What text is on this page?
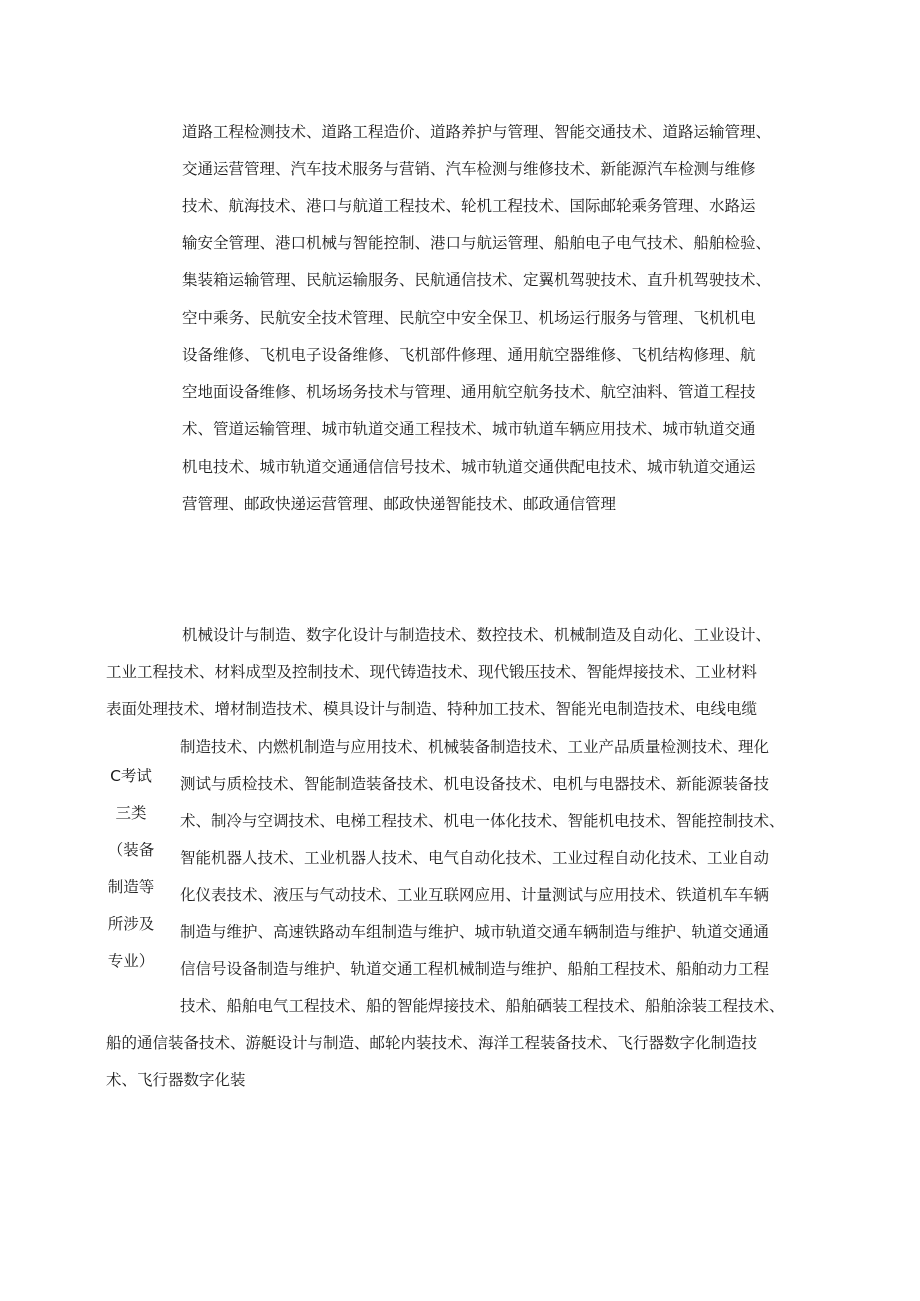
道路工程检测技术、道路工程造价、道路养护与管理、智能交通技术、道路运输管理、
交通运营管理、汽车技术服务与营销、汽车检测与维修技术、新能源汽车检测与维修
技术、航海技术、港口与航道工程技术、轮机工程技术、国际邮轮乘务管理、水路运
输安全管理、港口机械与智能控制、港口与航运管理、船舶电子电气技术、船舶检验、
集装箱运输管理、民航运输服务、民航通信技术、定翼机驾驶技术、直升机驾驶技术、
空中乘务、民航安全技术管理、民航空中安全保卫、机场运行服务与管理、飞机机电
设备维修、飞机电子设备维修、飞机部件修理、通用航空器维修、飞机结构修理、航
空地面设备维修、机场场务技术与管理、通用航空航务技术、航空油料、管道工程技
术、管道运输管理、城市轨道交通工程技术、城市轨道车辆应用技术、城市轨道交通
机电技术、城市轨道交通通信信号技术、城市轨道交通供配电技术、城市轨道交通运
营管理、邮政快递运营管理、邮政快递智能技术、邮政通信管理
机械设计与制造、数字化设计与制造技术、数控技术、机械制造及自动化、工业设计、
工业工程技术、材料成型及控制技术、现代铸造技术、现代锻压技术、智能焊接技术、工业材料
表面处理技术、增材制造技术、模具设计与制造、特种加工技术、智能光电制造技术、电线电缆
制造技术、内燃机制造与应用技术、机械装备制造技术、工业产品质量检测技术、理化
测试与质检技术、智能制造装备技术、机电设备技术、电机与电器技术、新能源装备技
术、制冷与空调技术、电梯工程技术、机电一体化技术、智能机电技术、智能控制技术、
智能机器人技术、工业机器人技术、电气自动化技术、工业过程自动化技术、工业自动
化仪表技术、液压与气动技术、工业互联网应用、计量测试与应用技术、铁道机车车辆
制造与维护、高速铁路动车组制造与维护、城市轨道交通车辆制造与维护、轨道交通通
信信号设备制造与维护、轨道交通工程机械制造与维护、船舶工程技术、船舶动力工程
技术、船舶电气工程技术、船的智能焊接技术、船舶硒装工程技术、船舶涂装工程技术、
船的通信装备技术、游艇设计与制造、邮轮内装技术、海洋工程装备技术、飞行器数字化制造技
术、飞行器数字化装
C考试
三类
（装备
制造等
所涉及
专业）
